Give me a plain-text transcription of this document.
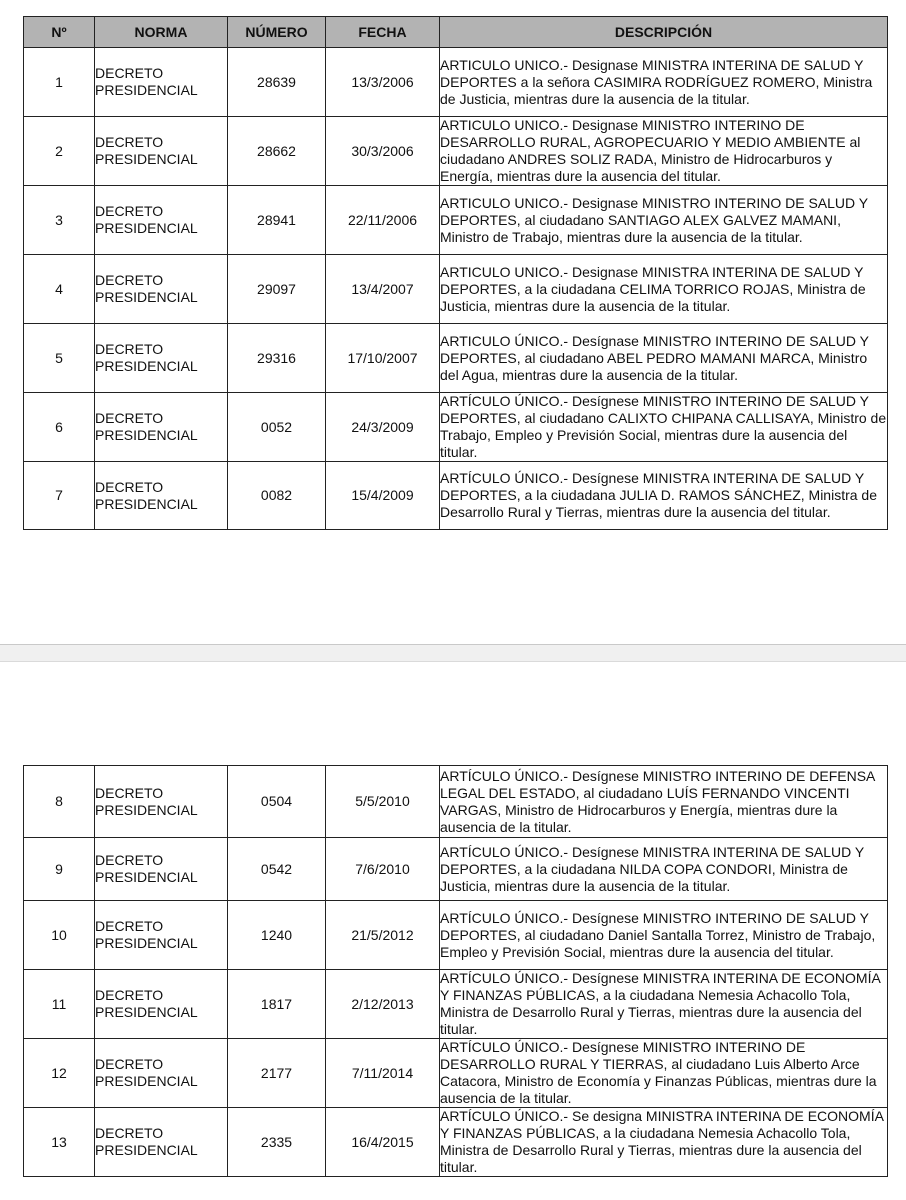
Nº	NORMA	NÚMERO	FECHA	DESCRIPCIÓN
1	DECRETO PRESIDENCIAL	28639	13/3/2006	ARTICULO UNICO.- Designase MINISTRA INTERINA DE SALUD Y DEPORTES a la señora CASIMIRA RODRÍGUEZ ROMERO, Ministra de Justicia, mientras dure la ausencia de la titular.
2	DECRETO PRESIDENCIAL	28662	30/3/2006	ARTICULO UNICO.- Designase MINISTRO INTERINO DE DESARROLLO RURAL, AGROPECUARIO Y MEDIO AMBIENTE al ciudadano ANDRES SOLIZ RADA, Ministro de Hidrocarburos y Energía, mientras dure la ausencia del titular.
3	DECRETO PRESIDENCIAL	28941	22/11/2006	ARTICULO UNICO.- Designase MINISTRO INTERINO DE SALUD Y DEPORTES, al ciudadano SANTIAGO ALEX GALVEZ MAMANI, Ministro de Trabajo, mientras dure la ausencia de la titular.
4	DECRETO PRESIDENCIAL	29097	13/4/2007	ARTICULO UNICO.- Designase MINISTRA INTERINA DE SALUD Y DEPORTES, a la ciudadana CELIMA TORRICO ROJAS, Ministra de Justicia, mientras dure la ausencia de la titular.
5	DECRETO PRESIDENCIAL	29316	17/10/2007	ARTICULO ÚNICO.- Desígnase MINISTRO INTERINO DE SALUD Y DEPORTES, al ciudadano ABEL PEDRO MAMANI MARCA, Ministro del Agua, mientras dure la ausencia de la titular.
6	DECRETO PRESIDENCIAL	0052	24/3/2009	ARTÍCULO ÚNICO.- Desígnese MINISTRO INTERINO DE SALUD Y DEPORTES, al ciudadano CALIXTO CHIPANA CALLISAYA, Ministro de Trabajo, Empleo y Previsión Social, mientras dure la ausencia del titular.
7	DECRETO PRESIDENCIAL	0082	15/4/2009	ARTÍCULO ÚNICO.- Desígnese MINISTRA INTERINA DE SALUD Y DEPORTES, a la ciudadana JULIA D. RAMOS SÁNCHEZ, Ministra de Desarrollo Rural y Tierras, mientras dure la ausencia del titular.
8	DECRETO PRESIDENCIAL	0504	5/5/2010	ARTÍCULO ÚNICO.- Desígnese MINISTRO INTERINO DE DEFENSA LEGAL DEL ESTADO, al ciudadano LUÍS FERNANDO VINCENTI VARGAS, Ministro de Hidrocarburos y Energía, mientras dure la ausencia de la titular.
9	DECRETO PRESIDENCIAL	0542	7/6/2010	ARTÍCULO ÚNICO.- Desígnese MINISTRA INTERINA DE SALUD Y DEPORTES, a la ciudadana NILDA COPA CONDORI, Ministra de Justicia, mientras dure la ausencia de la titular.
10	DECRETO PRESIDENCIAL	1240	21/5/2012	ARTÍCULO ÚNICO.- Desígnese MINISTRO INTERINO DE SALUD Y DEPORTES, al ciudadano Daniel Santalla Torrez, Ministro de Trabajo, Empleo y Previsión Social, mientras dure la ausencia del titular.
11	DECRETO PRESIDENCIAL	1817	2/12/2013	ARTÍCULO ÚNICO.- Desígnese MINISTRA INTERINA DE ECONOMÍA Y FINANZAS PÚBLICAS, a la ciudadana Nemesia Achacollo Tola, Ministra de Desarrollo Rural y Tierras, mientras dure la ausencia del titular.
12	DECRETO PRESIDENCIAL	2177	7/11/2014	ARTÍCULO ÚNICO.- Desígnese MINISTRO INTERINO DE DESARROLLO RURAL Y TIERRAS, al ciudadano Luis Alberto Arce Catacora, Ministro de Economía y Finanzas Públicas, mientras dure la ausencia de la titular.
13	DECRETO PRESIDENCIAL	2335	16/4/2015	ARTÍCULO ÚNICO.- Se designa MINISTRA INTERINA DE ECONOMÍA Y FINANZAS PÚBLICAS, a la ciudadana Nemesia Achacollo Tola, Ministra de Desarrollo Rural y Tierras, mientras dure la ausencia del titular.
